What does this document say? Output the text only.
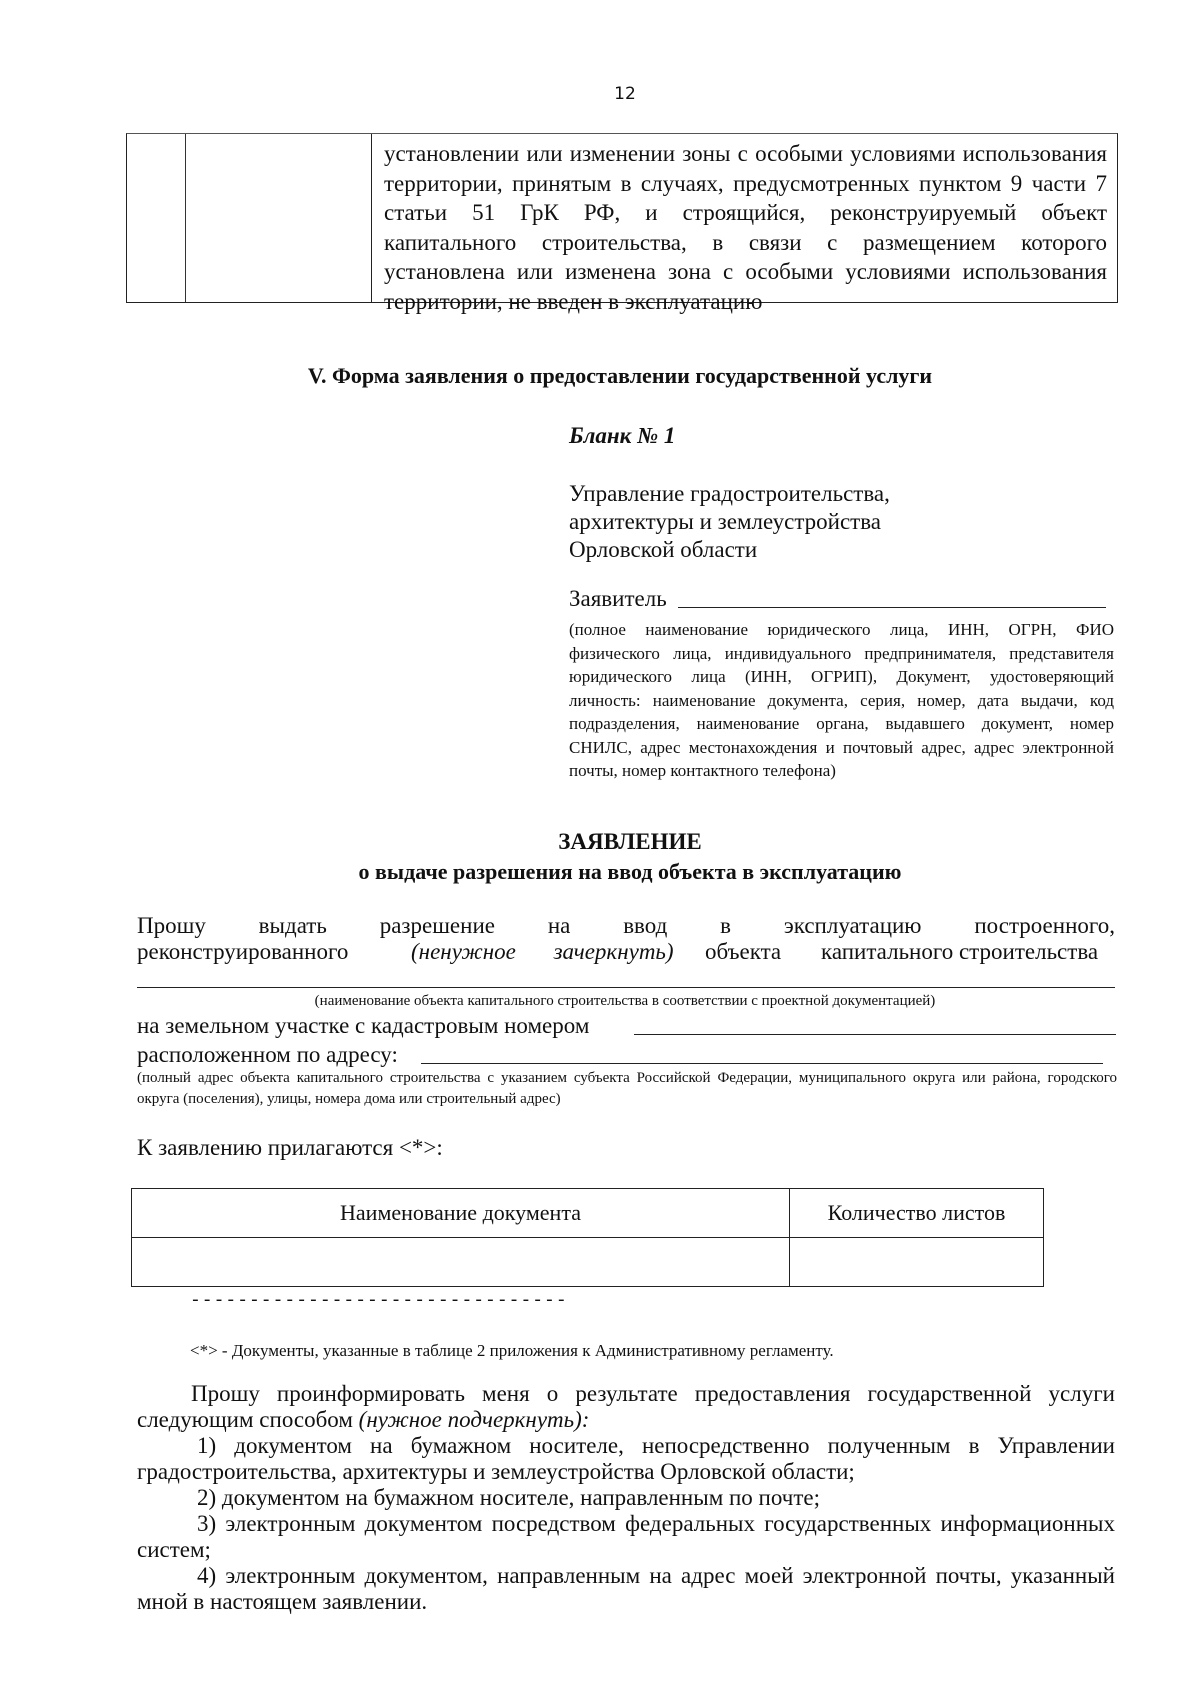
12
установлении или изменении зоны с особыми условиями использования территории, принятым в случаях, предусмотренных пунктом 9 части 7 статьи 51 ГрК РФ, и строящийся, реконструируемый объект капитального строительства, в связи с размещением которого установлена или изменена зона с особыми условиями использования территории, не введен в эксплуатацию
V. Форма заявления о предоставлении государственной услуги
Бланк № 1
Управление градостроительства,
архитектуры и землеустройства
Орловской области
Заявитель
(полное наименование юридического лица, ИНН, ОГРН, ФИО физического лица, индивидуального предпринимателя, представителя юридического лица (ИНН, ОГРИП), Документ, удостоверяющий личность: наименование документа, серия, номер, дата выдачи, код подразделения, наименование органа, выдавшего документ, номер СНИЛС, адрес местонахождения и почтовый адрес, адрес электронной почты, номер контактного телефона)
ЗАЯВЛЕНИЕ
о выдаче разрешения на ввод объекта в эксплуатацию
Прошу выдать разрешение на ввод в эксплуатацию построенного,
реконструированного	(ненужное зачеркнуть) объекта капитального строительства
(наименование объекта капитального строительства в соответствии с проектной документацией)
на земельном участке с кадастровым номером
расположенном по адресу:
(полный адрес объекта капитального строительства с указанием субъекта Российской Федерации, муниципального округа или района, городского округа (поселения), улицы, номера дома или строительный адрес)
К заявлению прилагаются <*>:
Наименование документа	Количество листов

--------------------------------
<*> - Документы, указанные в таблице 2 приложения к Административному регламенту.

Прошу проинформировать меня о результате предоставления государственной услуги следующим способом (нужное подчеркнуть):

1) документом на бумажном носителе, непосредственно полученным в Управлении градостроительства, архитектуры и землеустройства Орловской области;

2) документом на бумажном носителе, направленным по почте;

3) электронным документом посредством федеральных государственных информационных систем;

4) электронным документом, направленным на адрес моей электронной почты, указанный мной в настоящем заявлении.
